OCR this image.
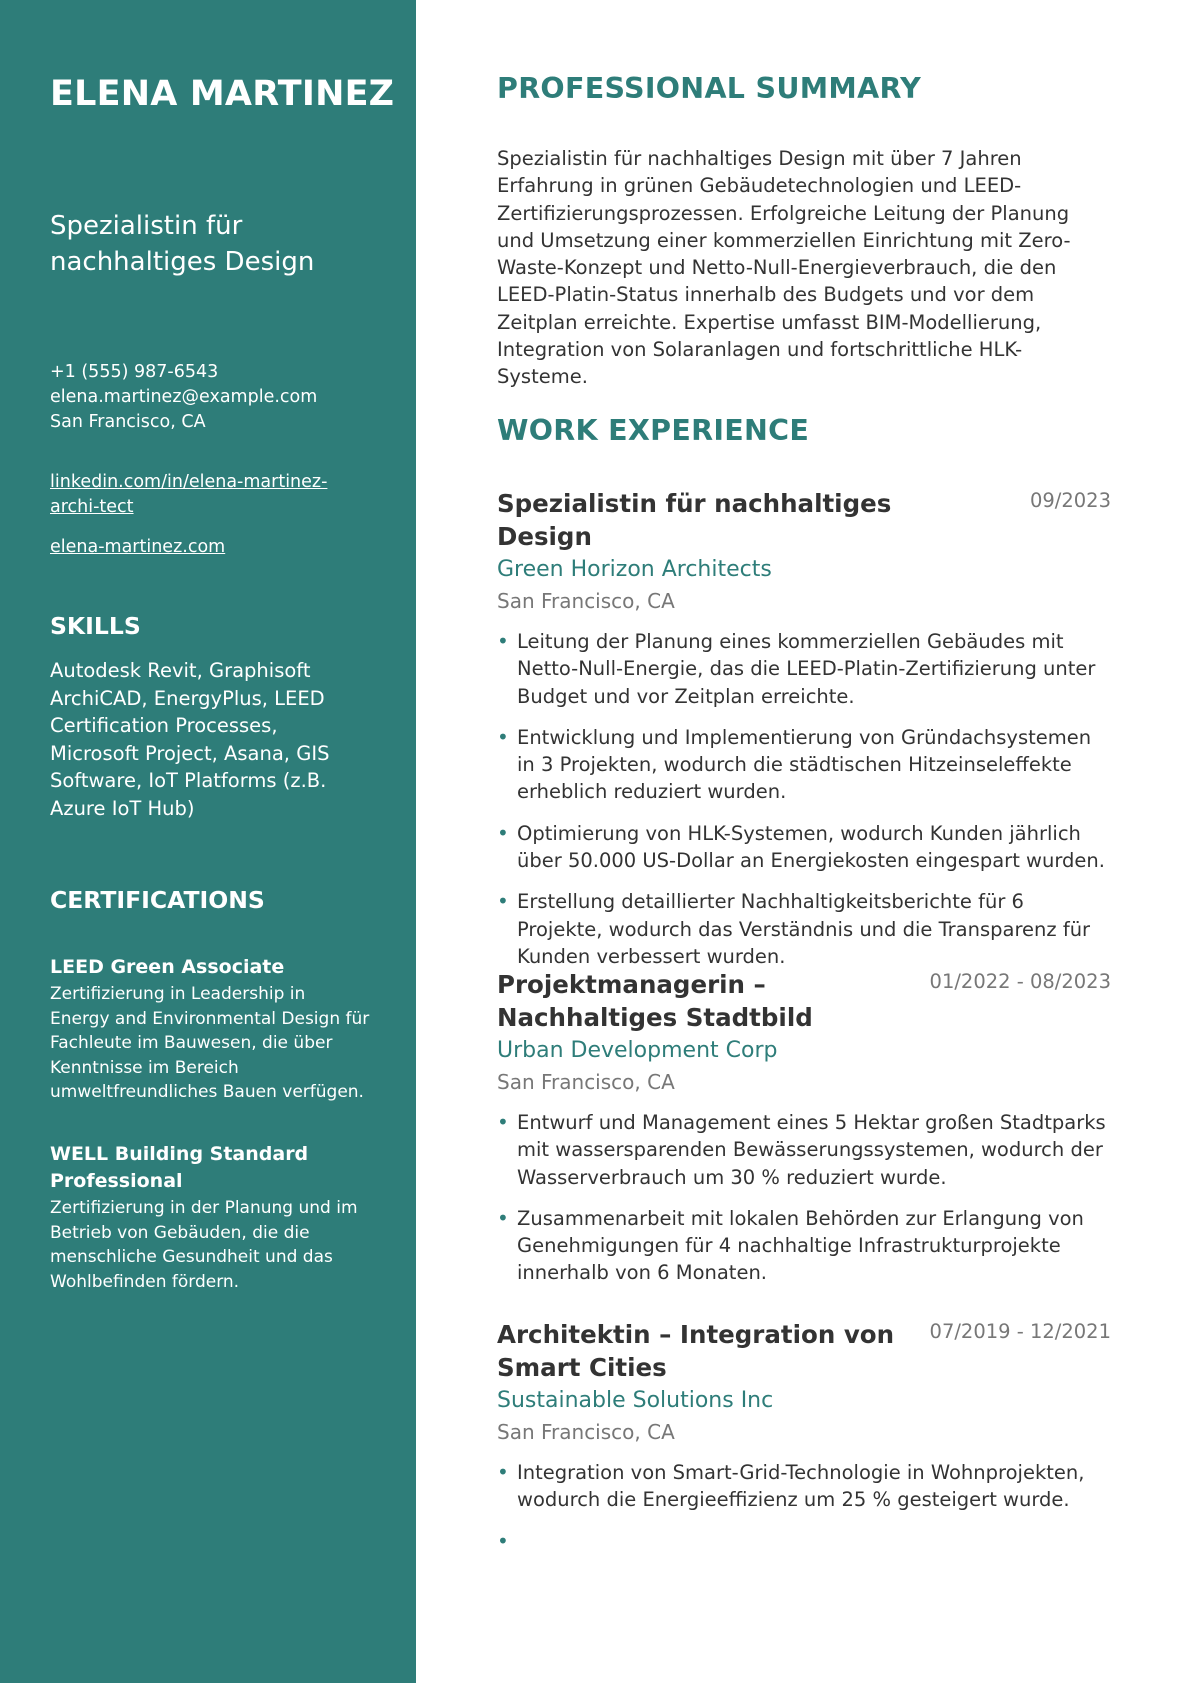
ELENA MARTINEZ
Spezialistin für nachhaltiges Design
+1 (555) 987-6543
elena.martinez@example.com
San Francisco, CA
linkedin.com/in/elena-martinez-archi-tect
elena-martinez.com
SKILLS
Autodesk Revit, Graphisoft ArchiCAD, EnergyPlus, LEED Certification Processes, Microsoft Project, Asana, GIS Software, IoT Platforms (z.B. Azure IoT Hub)
CERTIFICATIONS
LEED Green Associate
Zertifizierung in Leadership in Energy and Environmental Design für Fachleute im Bauwesen, die über Kenntnisse im Bereich umweltfreundliches Bauen verfügen.
WELL Building Standard Professional
Zertifizierung in der Planung und im Betrieb von Gebäuden, die die menschliche Gesundheit und das Wohlbefinden fördern.
PROFESSIONAL SUMMARY
Spezialistin für nachhaltiges Design mit über 7 Jahren Erfahrung in grünen Gebäudetechnologien und LEED-Zertifizierungsprozessen. Erfolgreiche Leitung der Planung und Umsetzung einer kommerziellen Einrichtung mit Zero-Waste-Konzept und Netto-Null-Energieverbrauch, die den LEED-Platin-Status innerhalb des Budgets und vor dem Zeitplan erreichte. Expertise umfasst BIM-Modellierung, Integration von Solaranlagen und fortschrittliche HLK-Systeme.
WORK EXPERIENCE
Spezialistin für nachhaltiges Design
09/2023
Green Horizon Architects
San Francisco, CA
• Leitung der Planung eines kommerziellen Gebäudes mit Netto-Null-Energie, das die LEED-Platin-Zertifizierung unter Budget und vor Zeitplan erreichte.
• Entwicklung und Implementierung von Gründachsystemen in 3 Projekten, wodurch die städtischen Hitzeinseleffekte erheblich reduziert wurden.
• Optimierung von HLK-Systemen, wodurch Kunden jährlich über 50.000 US-Dollar an Energiekosten eingespart wurden.
• Erstellung detaillierter Nachhaltigkeitsberichte für 6 Projekte, wodurch das Verständnis und die Transparenz für Kunden verbessert wurden.
Projektmanagerin – Nachhaltiges Stadtbild
01/2022 - 08/2023
Urban Development Corp
San Francisco, CA
• Entwurf und Management eines 5 Hektar großen Stadtparks mit wassersparenden Bewässerungssystemen, wodurch der Wasserverbrauch um 30 % reduziert wurde.
• Zusammenarbeit mit lokalen Behörden zur Erlangung von Genehmigungen für 4 nachhaltige Infrastrukturprojekte innerhalb von 6 Monaten.
Architektin – Integration von Smart Cities
07/2019 - 12/2021
Sustainable Solutions Inc
San Francisco, CA
• Integration von Smart-Grid-Technologie in Wohnprojekten, wodurch die Energieeffizienz um 25 % gesteigert wurde.
•
